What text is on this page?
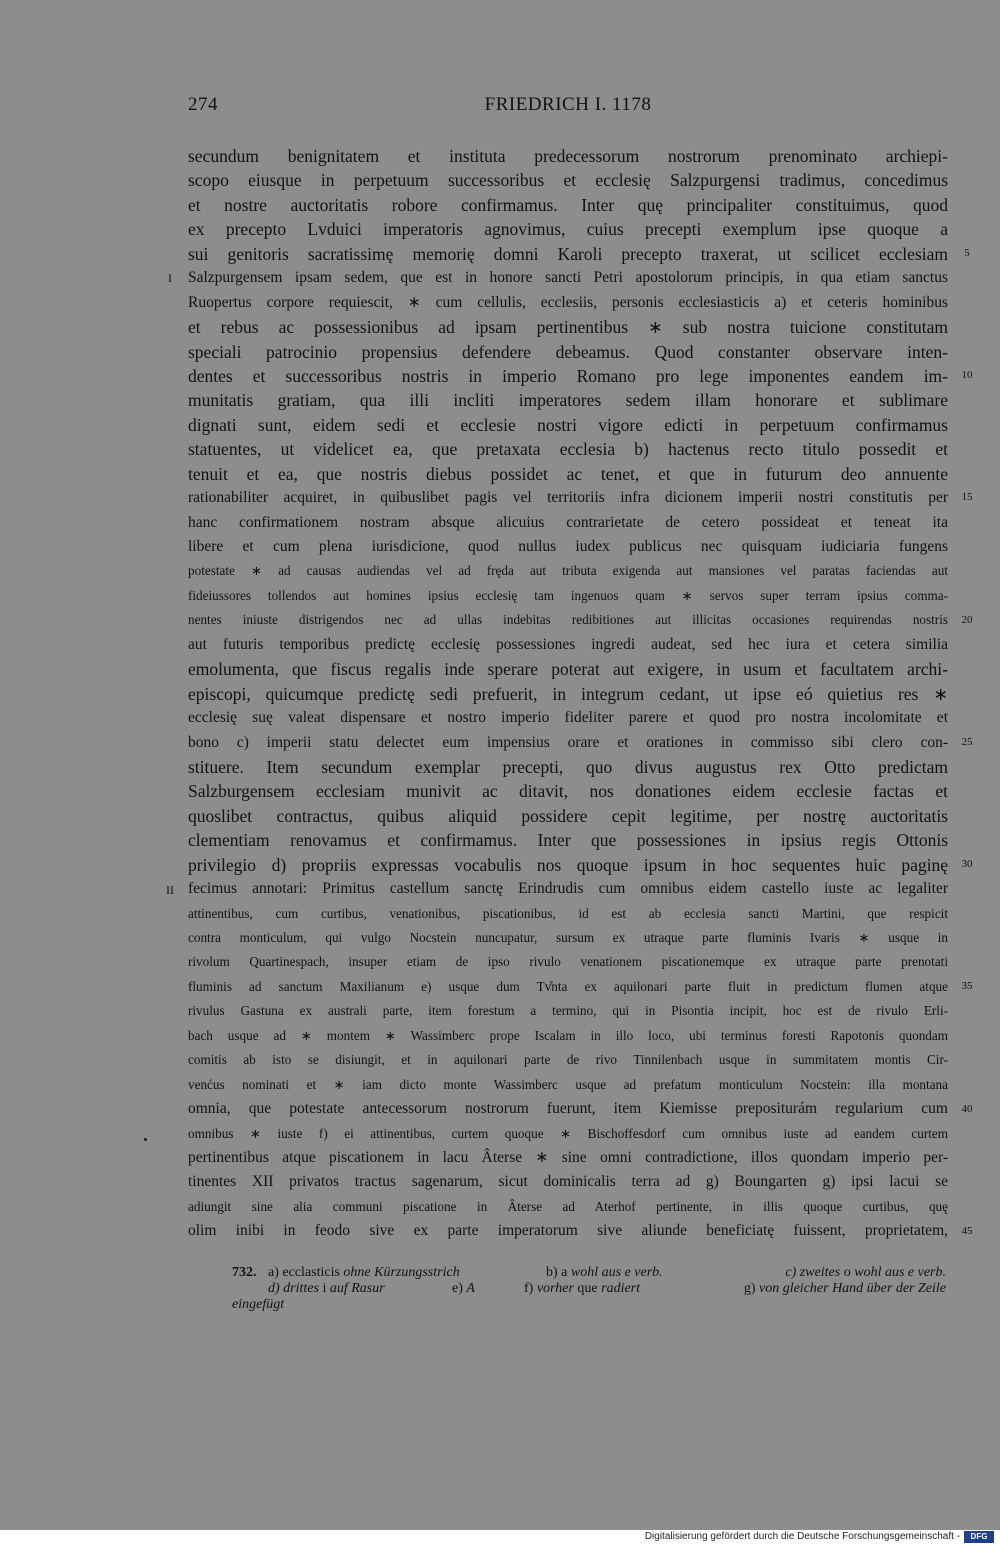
274	FRIEDRICH I. 1178
secundum benignitatem et instituta predecessorum nostrorum prenominato archiepi-
scopo eiusque in perpetuum successoribus et ecclesię Salzpurgensi tradimus, concedimus
et nostre auctoritatis robore confirmamus. Inter quę principaliter constituimus, quod
ex precepto Lvduici imperatoris agnovimus, cuius precepti exemplum ipse quoque a
sui genitoris sacratissimę memorię domni Karoli precepto traxerat, ut scilicet ecclesiam
Salzpurgensem ipsam sedem, que est in honore sancti Petri apostolorum principis, in qua etiam sanctus
Ruopertus corpore requiescit, ∗ cum cellulis, ecclesiis, personis ecclesiasticis a) et ceteris hominibus
et rebus ac possessionibus ad ipsam pertinentibus ∗ sub nostra tuicione constitutam
speciali patrocinio propensius defendere debeamus. Quod constanter observare inten-
dentes et successoribus nostris in imperio Romano pro lege imponentes eandem im-
munitatis gratiam, qua illi incliti imperatores sedem illam honorare et sublimare
dignati sunt, eidem sedi et ecclesie nostri vigore edicti in perpetuum confirmamus
statuentes, ut videlicet ea, que pretaxata ecclesia b) hactenus recto titulo possedit et
tenuit et ea, que nostris diebus possidet ac tenet, et que in futurum deo annuente
rationabiliter acquiret, in quibuslibet pagis vel territoriis infra dicionem imperii nostri constitutis per
hanc confirmationem nostram absque alicuius contrarietate de cetero possideat et teneat ita
libere et cum plena iurisdicione, quod nullus iudex publicus nec quisquam iudiciaria fungens
potestate ∗ ad causas audiendas vel ad fręda aut tributa exigenda aut mansiones vel paratas faciendas aut
fideiussores tollendos aut homines ipsius ecclesię tam ingenuos quam ∗ servos super terram ipsius comma-
nentes iniuste distrigendos nec ad ullas indebitas redibitiones aut illicitas occasiones requirendas nostris
aut futuris temporibus predictę ecclesię possessiones ingredi audeat, sed hec iura et cetera similia
emolumenta, que fiscus regalis inde sperare poterat aut exigere, in usum et facultatem archi-
episcopi, quicumque predictę sedi prefuerit, in integrum cedant, ut ipse eó quietius res ∗
ecclesię suę valeat dispensare et nostro imperio fideliter parere et quod pro nostra incolomitate et
bono c) imperii statu delectet eum impensius orare et orationes in commisso sibi clero con-
stituere. Item secundum exemplar precepti, quo divus augustus rex Otto predictam
Salzburgensem ecclesiam munivit ac ditavit, nos donationes eidem ecclesie factas et
quoslibet contractus, quibus aliquid possidere cepit legitime, per nostrę auctoritatis
clementiam renovamus et confirmamus. Inter que possessiones in ipsius regis Ottonis
privilegio d) propriis expressas vocabulis nos quoque ipsum in hoc sequentes huic paginę
fecimus annotari: Primitus castellum sanctę Erindrudis cum omnibus eidem castello iuste ac legaliter
attinentibus, cum curtibus, venationibus, piscationibus, id est ab ecclesia sancti Martini, que respicit
contra monticulum, qui vulgo Nocstein nuncupatur, sursum ex utraque parte fluminis Ivaris ∗ usque in
rivolum Quartinespach, insuper etiam de ipso rivulo venationem piscationemque ex utraque parte prenotati
fluminis ad sanctum Maxilianum e) usque dum Tv̊nta ex aquilonari parte fluit in predictum flumen atque
rivulus Gastuna ex australi parte, item forestum a termino, qui in Pisontia incipit, hoc est de rivulo Erli-
bach usque ad ∗ montem ∗ Wassimberc prope Iscalam in illo loco, ubi terminus foresti Rapotonis quondam
comitis ab isto se disiungit, et in aquilonari parte de rivo Tinnilenbach usque in summitatem montis Cir-
venćus nominati et ∗ iam dicto monte Wassimberc usque ad prefatum monticulum Nocstein: illa montana
omnia, que potestate antecessorum nostrorum fuerunt, item Kiemisse prepositurám regularium cum
omnibus ∗ iuste f) ei attinentibus, curtem quoque ∗ Bischoffesdorf cum omnibus iuste ad eandem curtem
pertinentibus atque piscationem in lacu Âterse ∗ sine omni contradictione, illos quondam imperio per-
tinentes XII privatos tractus sagenarum, sicut dominicalis terra ad g) Boungarten g) ipsi lacui se
adiungit sine alia communi piscatione in Âterse ad Aterhof pertinente, in illis quoque curtibus, quę
olim inibi in feodo sive ex parte imperatorum sive aliunde beneficiatę fuissent, proprietatem,
5
10
15
20
25
30
35
40
45
I
II
732. a) ecclasticis ohne Kürzungsstrich	b) a wohl aus e verb.	c) zweites o wohl aus e verb.
d) drittes i auf Rasur	e) A	f) vorher que radiert	g) von gleicher Hand über der Zeile
eingefügt
Digitalisierung gefördert durch die Deutsche Forschungsgemeinschaft -	DFG
